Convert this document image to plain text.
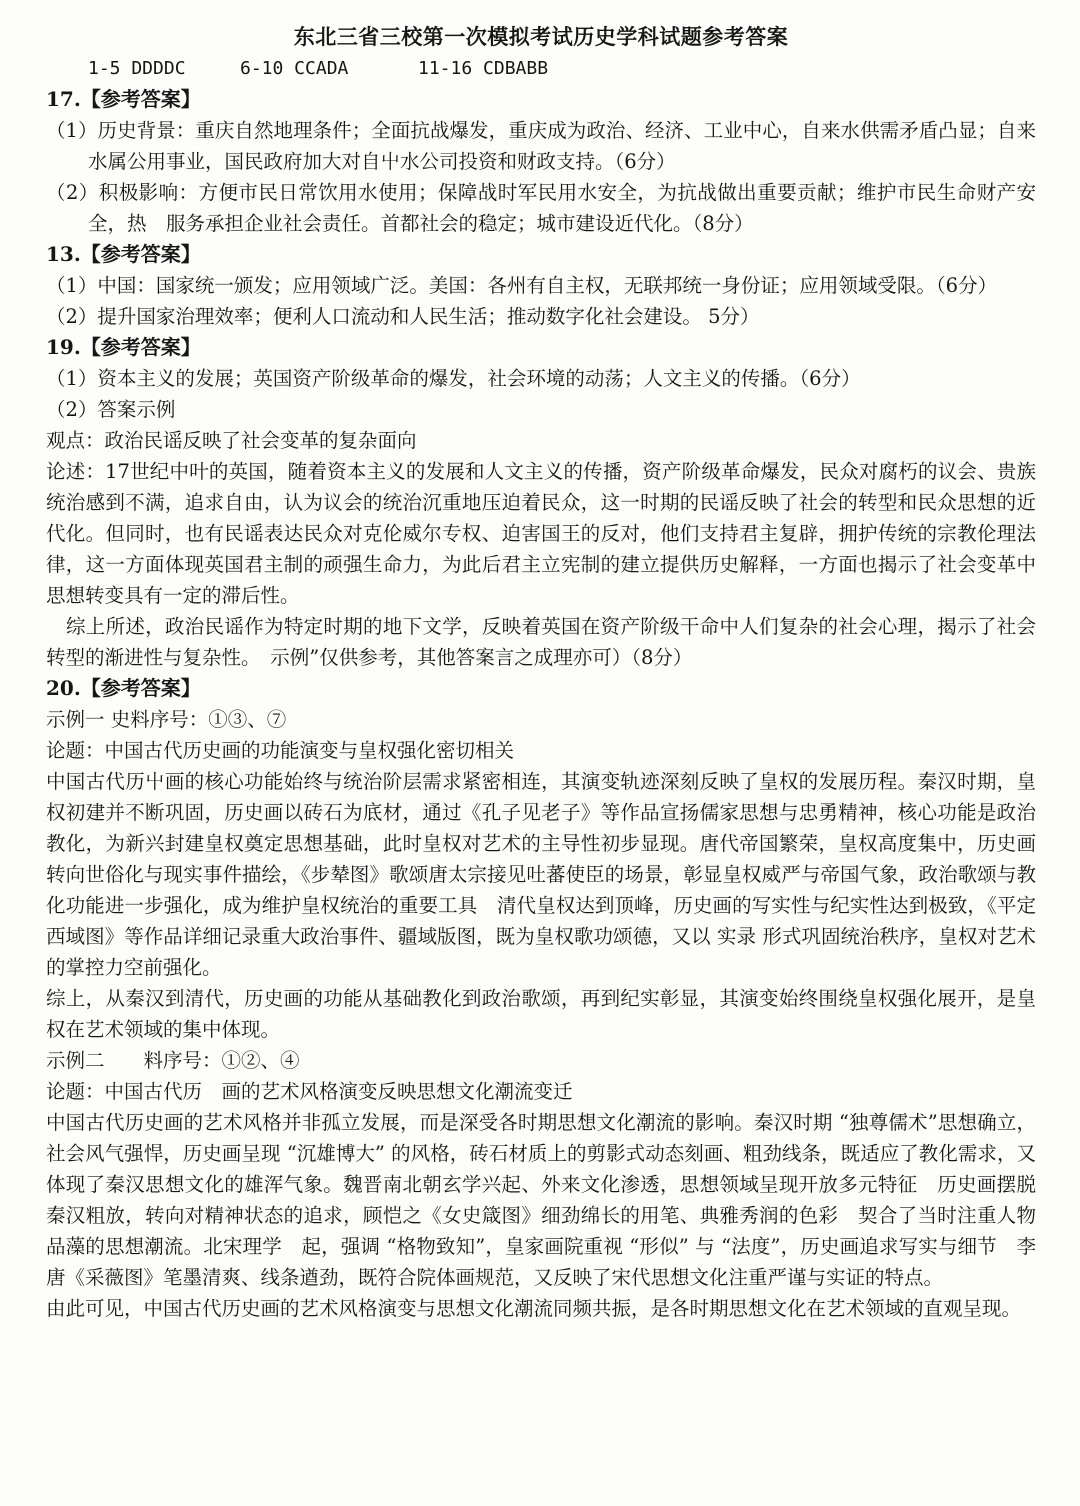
东北三省三校第一次模拟考试历史学科试题参考答案
1-5 DDDDC	6-10 CCADA	11-16 CDBABB
17.【参考答案】

（1）历史背景：重庆自然地理条件；全面抗战爆发，重庆成为政治、经济、工业中心，自来水供需矛盾凸显；自来水属公用事业，国民政府加大对自屮水公司投资和财政支持。（6分）

（2）积极影响：方便市民日常饮用水使用；保障战时军民用水安全，为抗战做出重要贡献；维护市民生命财产安全，热　服务承担企业社会责任。首都社会的稳定；城市建设近代化。（8分）

13.【参考答案】

（1）中国：国家统一颁发；应用领域广泛。美国：各州有自主权，无联邦统一身份证；应用领域受限。（6分）

（2）提升国家治理效率；便利人口流动和人民生活；推动数字化社会建设。 5分）

19.【参考答案】

（1）资本主义的发展；英国资产阶级革命的爆发，社会环境的动荡；人文主义的传播。（6分）

（2）答案示例

观点：政治民谣反映了社会变革的复杂面向

论述：17世纪中叶的英国，随着资本主义的发展和人文主义的传播，资产阶级革命爆发，民众对腐朽的议会、贵族统治感到不满，追求自由，认为议会的统治沉重地压迫着民众，这一时期的民谣反映了社会的转型和民众思想的近代化。但同时，也有民谣表达民众对克伦威尔专权、迫害国王的反对，他们支持君主复辟，拥护传统的宗教伦理法律，这一方面体现英国君主制的顽强生命力，为此后君主立宪制的建立提供历史解释，一方面也揭示了社会变革中思想转变具有一定的滞后性。

综上所述，政治民谣作为特定时期的地下文学，反映着英国在资产阶级干命中人们复杂的社会心理，揭示了社会转型的渐进性与复杂性。　示例”仅供参考，其他答案言之成理亦可）（8分）

20.【参考答案】

示例一 史料序号：①③、⑦

论题：中国古代历史画的功能演变与皇权强化密切相关

中国古代历屮画的核心功能始终与统治阶层需求紧密相连，其演变轨迹深刻反映了皇权的发展历程。秦汉时期，皇权初建并不断巩固，历史画以砖石为底材，通过《孔子见老子》等作品宣扬儒家思想与忠勇精神，核心功能是政治教化，为新兴封建皇权奠定思想基础，此时皇权对艺术的主导性初步显现。唐代帝国繁荣，皇权高度集中，历史画转向世俗化与现实事件描绘，《步辇图》歌颂唐太宗接见吐蕃使臣的场景，彰显皇权威严与帝国气象，政治歌颂与教化功能进一步强化，成为维护皇权统治的重要工具　清代皇权达到顶峰，历史画的写实性与纪实性达到极致，《平定西域图》等作品详细记录重大政治事件、疆域版图，既为皇权歌功颂德，又以 实录 形式巩固统治秩序，皇权对艺术的掌控力空前强化。

综上，从秦汉到清代，历史画的功能从基础教化到政治歌颂，再到纪实彰显，其演变始终围绕皇权强化展开，是皇权在艺术领域的集中体现。

示例二　　料序号：①②、④

论题：中国古代历　画的艺术风格演变反映思想文化潮流变迁

中国古代历史画的艺术风格并非孤立发展，而是深受各时期思想文化潮流的影响。秦汉时期 “独尊儒术”思想确立，社会风气强悍，历史画呈现 “沉雄博大” 的风格，砖石材质上的剪影式动态刻画、粗劲线条，既适应了教化需求，又体现了秦汉思想文化的雄浑气象。魏晋南北朝玄学兴起、外来文化渗透，思想领域呈现开放多元特征　历史画摆脱秦汉粗放，转向对精神状态的追求，顾恺之《女史箴图》细劲绵长的用笔、典雅秀润的色彩　契合了当时注重人物品藻的思想潮流。北宋理学　起，强调 “格物致知”，皇家画院重视 “形似” 与 “法度”，历史画追求写实与细节　李唐《采薇图》笔墨清爽、线条遒劲，既符合院体画规范，又反映了宋代思想文化注重严谨与实证的特点。

由此可见，中国古代历史画的艺术风格演变与思想文化潮流同频共振，是各时期思想文化在艺术领域的直观呈现。
